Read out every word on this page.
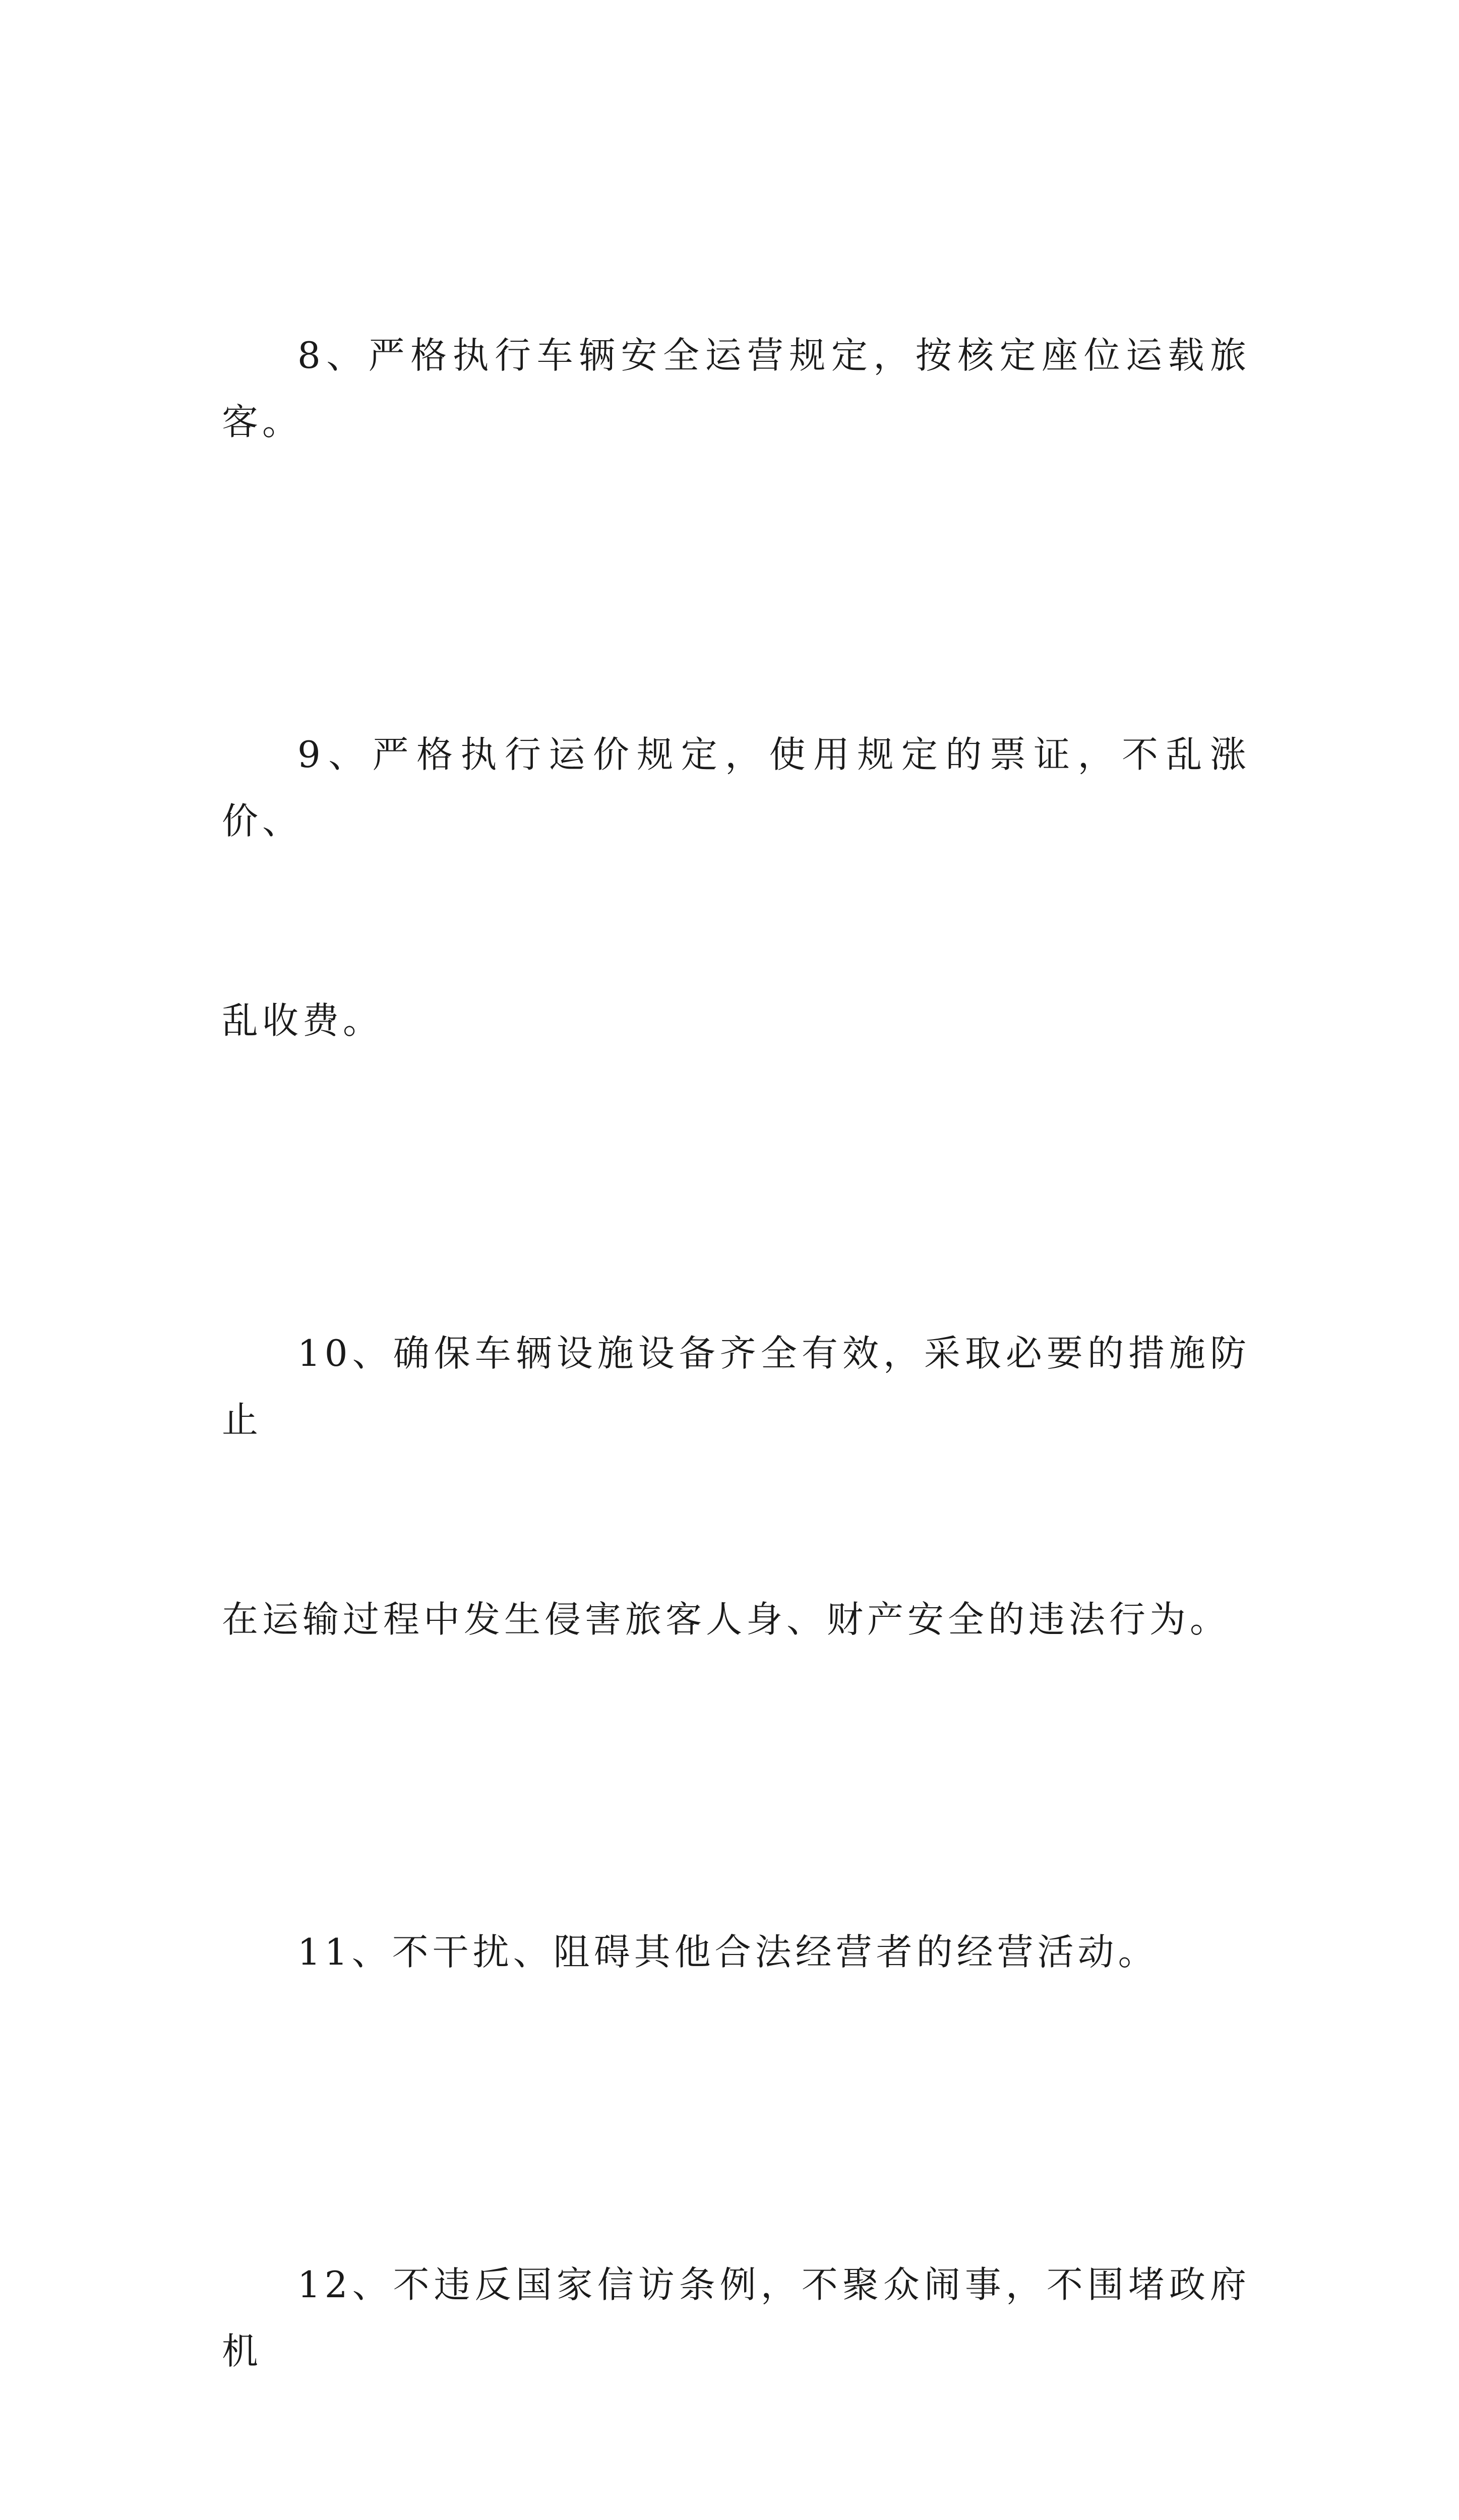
8、严格执行车辆安全运营规定，按核定座位运载旅客。

9、严格执行运价规定，使用规定的票证，不乱涨价、

乱收费。

10、确保车辆设施设备齐全有效，采取必要的措施防止

在运输过程中发生侵害旅客人身、财产安全的违法行为。

11、不干扰、阻碍其他合法经营者的经营活动。

12、不违反国家信访条例，不聚众闹事，不围堵政府机
